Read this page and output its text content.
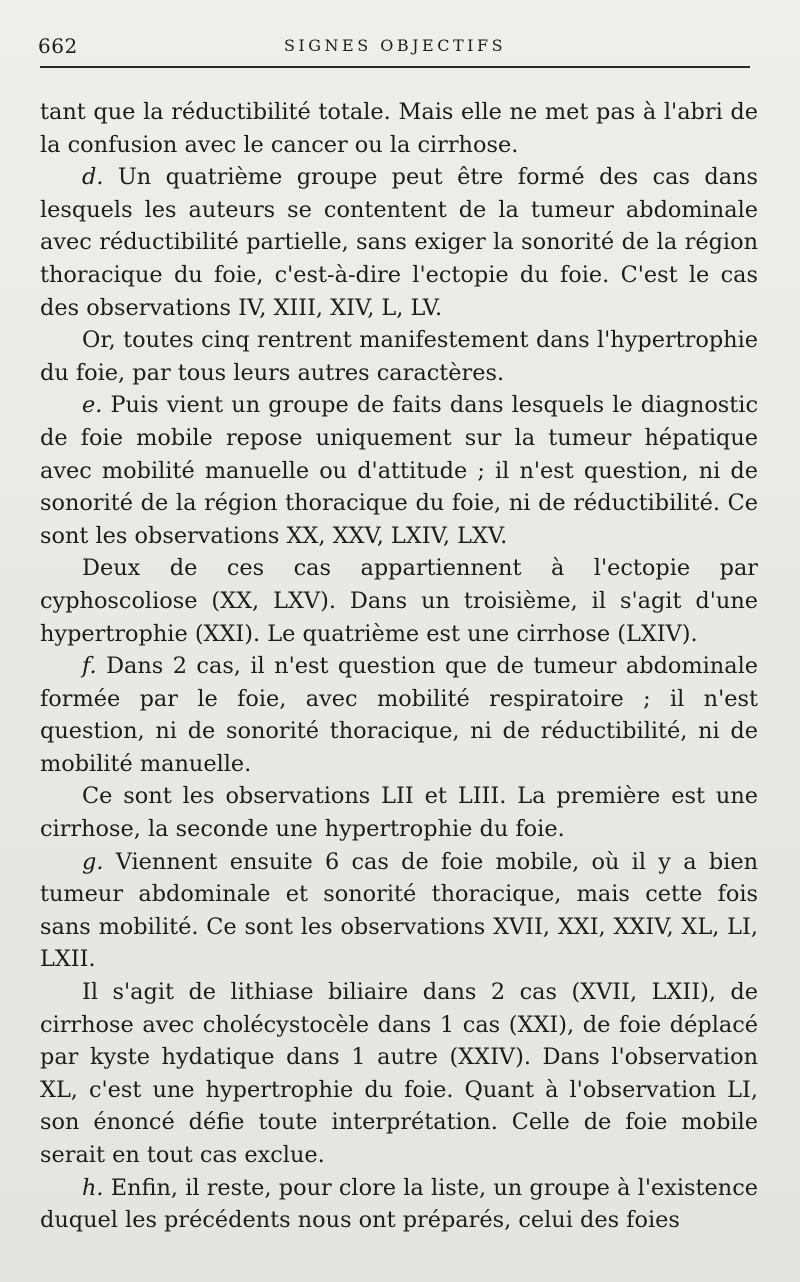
662	SIGNES OBJECTIFS

tant que la réductibilité totale. Mais elle ne met pas à l'abri de la confusion avec le cancer ou la cirrhose.

d. Un quatrième groupe peut être formé des cas dans lesquels les auteurs se contentent de la tumeur abdominale avec réductibilité partielle, sans exiger la sonorité de la région thoracique du foie, c'est-à-dire l'ectopie du foie. C'est le cas des observations IV, XIII, XIV, L, LV.

Or, toutes cinq rentrent manifestement dans l'hypertrophie du foie, par tous leurs autres caractères.

e. Puis vient un groupe de faits dans lesquels le diagnostic de foie mobile repose uniquement sur la tumeur hépatique avec mobilité manuelle ou d'attitude ; il n'est question, ni de sonorité de la région thoracique du foie, ni de réductibilité. Ce sont les observations XX, XXV, LXIV, LXV.

Deux de ces cas appartiennent à l'ectopie par cyphoscoliose (XX, LXV). Dans un troisième, il s'agit d'une hypertrophie (XXI). Le quatrième est une cirrhose (LXIV).

f. Dans 2 cas, il n'est question que de tumeur abdominale formée par le foie, avec mobilité respiratoire ; il n'est question, ni de sonorité thoracique, ni de réductibilité, ni de mobilité manuelle.

Ce sont les observations LII et LIII. La première est une cirrhose, la seconde une hypertrophie du foie.

g. Viennent ensuite 6 cas de foie mobile, où il y a bien tumeur abdominale et sonorité thoracique, mais cette fois sans mobilité. Ce sont les observations XVII, XXI, XXIV, XL, LI, LXII.

Il s'agit de lithiase biliaire dans 2 cas (XVII, LXII), de cirrhose avec cholécystocèle dans 1 cas (XXI), de foie déplacé par kyste hydatique dans 1 autre (XXIV). Dans l'observation XL, c'est une hypertrophie du foie. Quant à l'observation LI, son énoncé défie toute interprétation. Celle de foie mobile serait en tout cas exclue.

h. Enfin, il reste, pour clore la liste, un groupe à l'existence duquel les précédents nous ont préparés, celui des foies
